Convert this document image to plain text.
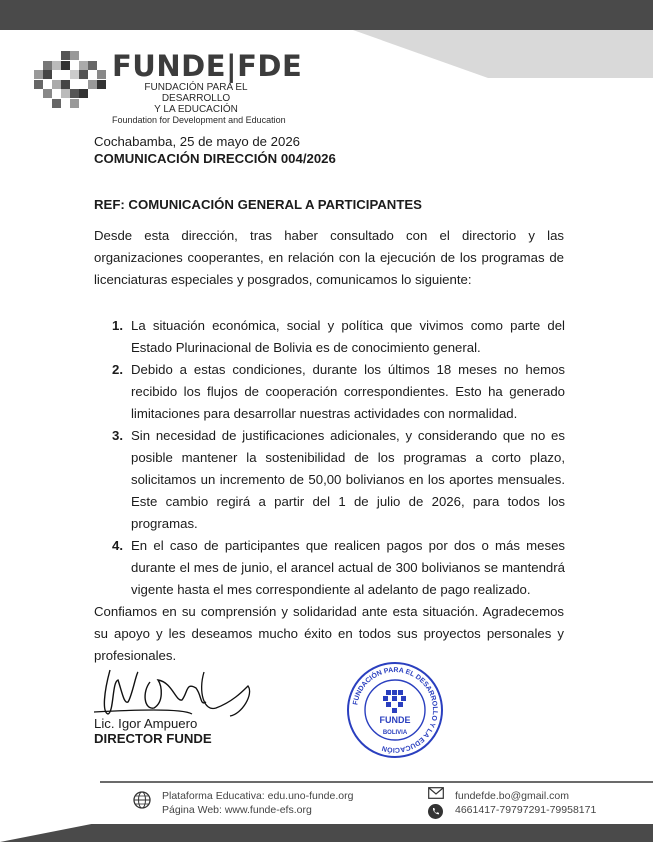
FUNDE|FDE
FUNDACIÓN PARA EL DESARROLLO
Y LA EDUCACIÓN
Foundation for Development and Education
Cochabamba, 25 de mayo de 2026
COMUNICACIÓN DIRECCIÓN 004/2026
REF: COMUNICACIÓN GENERAL A PARTICIPANTES
Desde esta dirección, tras haber consultado con el directorio y las organizaciones cooperantes, en relación con la ejecución de los programas de licenciaturas especiales y posgrados, comunicamos lo siguiente:
1. La situación económica, social y política que vivimos como parte del Estado Plurinacional de Bolivia es de conocimiento general.
2. Debido a estas condiciones, durante los últimos 18 meses no hemos recibido los flujos de cooperación correspondientes. Esto ha generado limitaciones para desarrollar nuestras actividades con normalidad.
3. Sin necesidad de justificaciones adicionales, y considerando que no es posible mantener la sostenibilidad de los programas a corto plazo, solicitamos un incremento de 50,00 bolivianos en los aportes mensuales. Este cambio regirá a partir del 1 de julio de 2026, para todos los programas.
4. En el caso de participantes que realicen pagos por dos o más meses durante el mes de junio, el arancel actual de 300 bolivianos se mantendrá vigente hasta el mes correspondiente al adelanto de pago realizado.
Confiamos en su comprensión y solidaridad ante esta situación. Agradecemos su apoyo y les deseamos mucho éxito en todos sus proyectos personales y profesionales.
Lic. Igor Ampuero
DIRECTOR FUNDE
FUNDACIÓN PARA EL DESARROLLO Y LA EDUCACIÓN
FUNDE
BOLIVIA
Plataforma Educativa: edu.uno-funde.org
Página Web: www.funde-efs.org
fundefde.bo@gmail.com
4661417-79797291-79958171
